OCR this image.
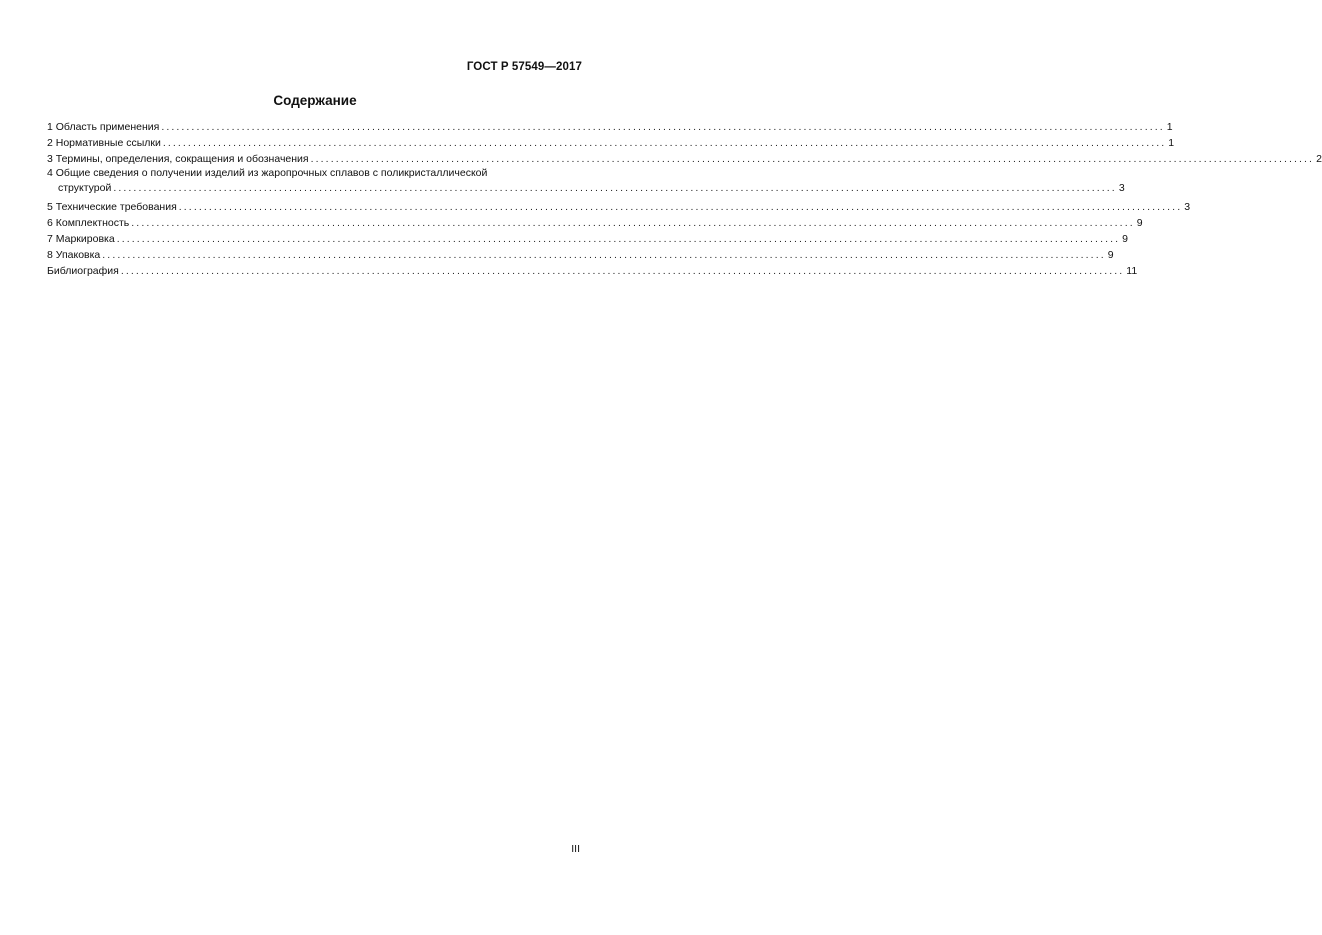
ГОСТ Р 57549—2017
Содержание
1 Область применения ........................................................................................................................................................................................................ 1
2 Нормативные ссылки ........................................................................................................................................................................................................ 1
3 Термины, определения, сокращения и обозначения ........................................................................................................................................................................................................ 2
4 Общие сведения о получении изделий из жаропрочных сплавов с поликристаллической
структурой ........................................................................................................................................................................................................ 3
5 Технические требования ........................................................................................................................................................................................................ 3
6 Комплектность ........................................................................................................................................................................................................ 9
7 Маркировка ........................................................................................................................................................................................................ 9
8 Упаковка ........................................................................................................................................................................................................ 9
Библиография ........................................................................................................................................................................................................ 11
III
